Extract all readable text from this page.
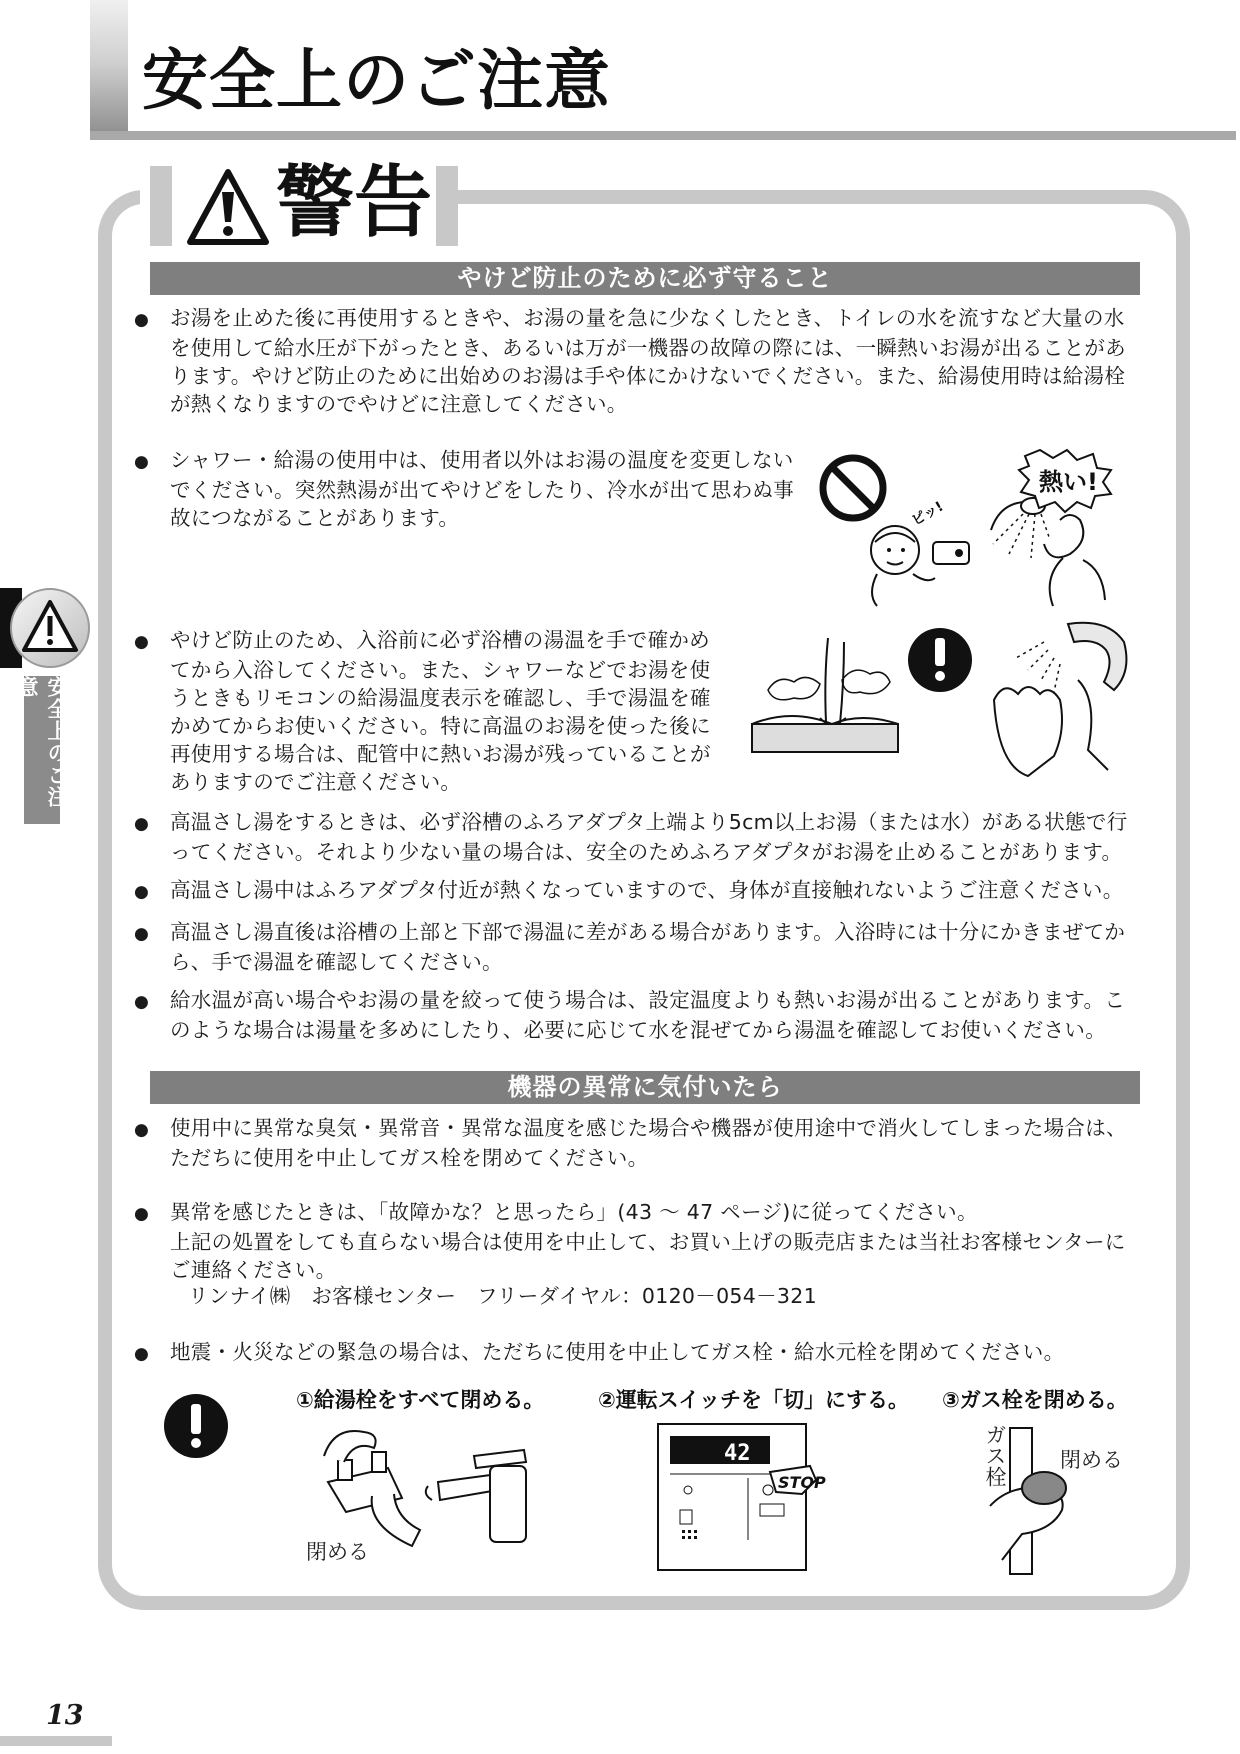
安全上のご注意
安全上のご注意
警告
やけど防止のために必ず守ること
● お湯を止めた後に再使用するときや、お湯の量を急に少なくしたとき、トイレの水を流すなど大量の水を使用して給水圧が下がったとき、あるいは万が一機器の故障の際には、一瞬熱いお湯が出ることがあります。やけど防止のために出始めのお湯は手や体にかけないでください。また、給湯使用時は給湯栓が熱くなりますのでやけどに注意してください。
● シャワー・給湯の使用中は、使用者以外はお湯の温度を変更しないでください。突然熱湯が出てやけどをしたり、冷水が出て思わぬ事故につながることがあります。	ピッ!
熱い!
● やけど防止のため、入浴前に必ず浴槽の湯温を手で確かめてから入浴してください。また、シャワーなどでお湯を使うときもリモコンの給湯温度表示を確認し、手で湯温を確かめてからお使いください。特に高温のお湯を使った後に再使用する場合は、配管中に熱いお湯が残っていることがありますのでご注意ください。
● 高温さし湯をするときは、必ず浴槽のふろアダプタ上端より5cm以上お湯（または水）がある状態で行ってください。それより少ない量の場合は、安全のためふろアダプタがお湯を止めることがあります。
● 高温さし湯中はふろアダプタ付近が熱くなっていますので、身体が直接触れないようご注意ください。
● 高温さし湯直後は浴槽の上部と下部で湯温に差がある場合があります。入浴時には十分にかきまぜてから、手で湯温を確認してください。
● 給水温が高い場合やお湯の量を絞って使う場合は、設定温度よりも熱いお湯が出ることがあります。このような場合は湯量を多めにしたり、必要に応じて水を混ぜてから湯温を確認してお使いください。
機器の異常に気付いたら
● 使用中に異常な臭気・異常音・異常な温度を感じた場合や機器が使用途中で消火してしまった場合は、ただちに使用を中止してガス栓を閉めてください。
● 異常を感じたときは、「故障かな？と思ったら」(43 ～ 47 ページ)に従ってください。
上記の処置をしても直らない場合は使用を中止して、お買い上げの販売店または当社お客様センターにご連絡ください。
リンナイ㈱　お客様センター　フリーダイヤル：0120－054－321
● 地震・火災などの緊急の場合は、ただちに使用を中止してガス栓・給水元栓を閉めてください。
①給湯栓をすべて閉める。	②運転スイッチを「切」にする。 ③ガス栓を閉める。
閉める
42
STOP	ガス栓	閉める
13
